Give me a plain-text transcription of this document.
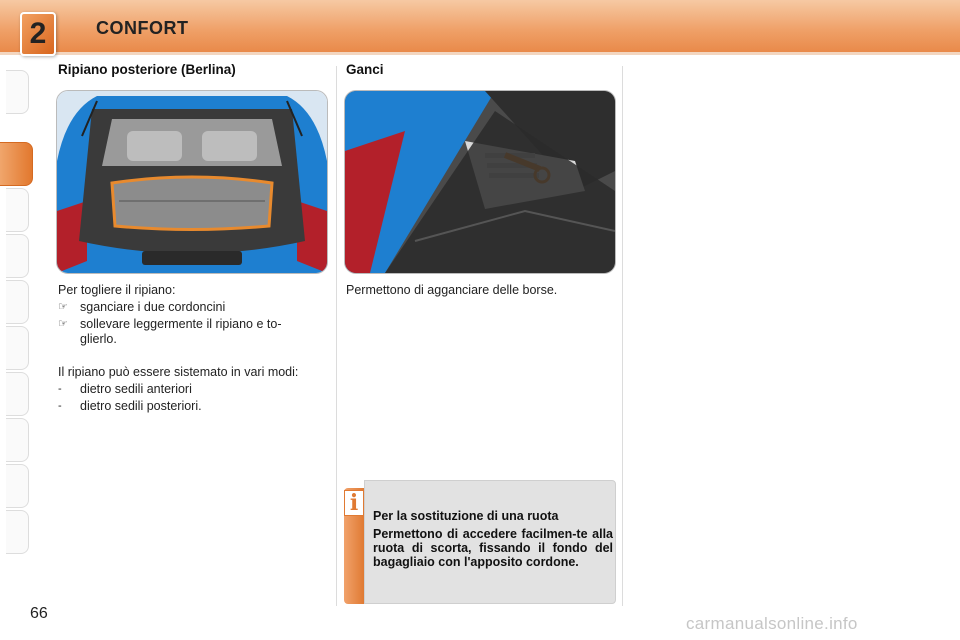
2	CONFORT
Ripiano posteriore (Berlina)

Per togliere il ripiano:

☞ sganciare i due cordoncini
☞ sollevare leggermente il ripiano e to-
glierlo.

Il ripiano può essere sistemato in vari modi:

-	dietro sedili anteriori
-	dietro sedili posteriori.
Ganci
Permettono di agganciare delle borse.
i	Per la sostituzione di una ruota
Permettono di accedere facilmen-te alla ruota di scorta, fissando il fondo del bagagliaio con l'apposito cordone.
66
carmanualsonline.info
